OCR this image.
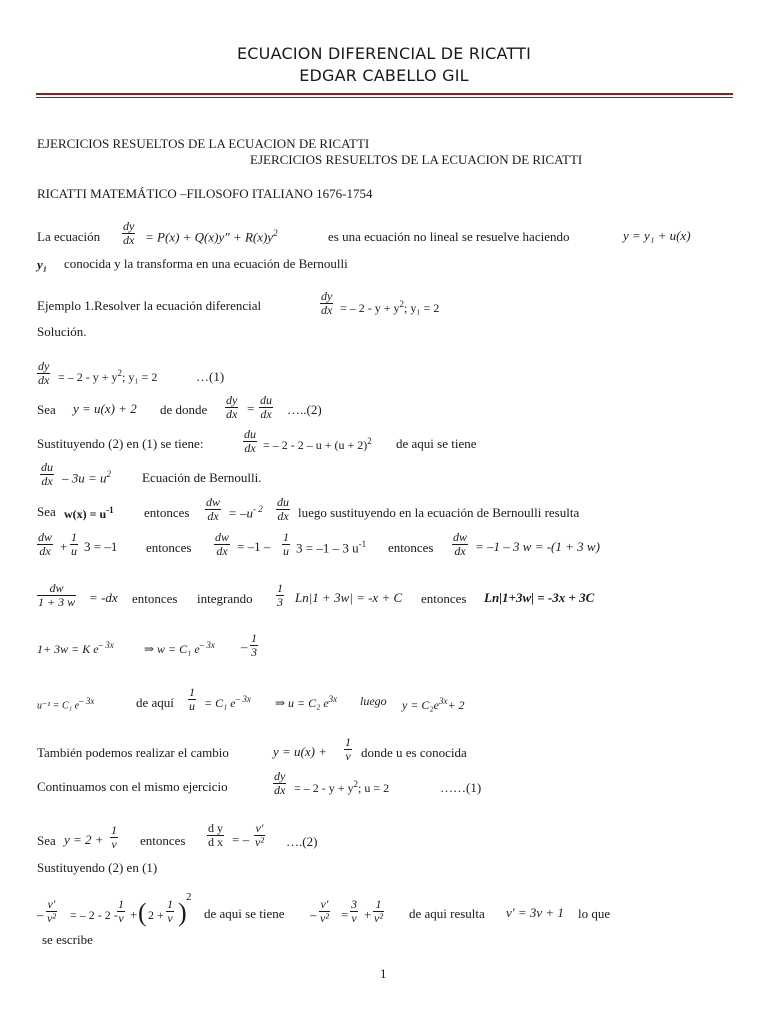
ECUACION DIFERENCIAL DE RICATTI
EDGAR CABELLO GIL
EJERCICIOS RESUELTOS DE LA ECUACION DE RICATTI
EJERCICIOS RESUELTOS DE LA ECUACION DE RICATTI
RICATTI MATEMÁTICO –FILOSOFO ITALIANO 1676-1754
La ecuación $\frac{dy}{dx} = P(x) + Q(x)y'' + R(x)y^2$	es una ecuación no lineal se resuelve haciendo	y = y₁ + u(x)
y₁ conocida y la transforma en una ecuación de Bernoulli
Ejemplo 1.Resolver la ecuación diferencial	$\frac{dy}{dx}$ = – $2 - y + y^2$; y₁ = 2
Solución.
$\frac{dy}{dx}$ = – $2 - y + y^2$; y₁ = 2	…(1)
Sea y = u(x) + 2 de donde $\frac{dy}{dx} = \frac{du}{dx}$ …..(2)
Sustituyendo (2) en (1) se tiene:	$\frac{du}{dx}$ = – $2 - 2 - u + (u + 2)^2$ de aqui se tiene
$\frac{du}{dx} - 3u = u^2$ Ecuación de Bernoulli.
Sea $w(x) = u^{-1}$ entonces $\frac{dw}{dx} = -u^{- 2} \frac{du}{dx}$ luego sustituyendo en la ecuación de Bernoulli resulta
$\frac{dw}{dx} + \frac{1}{u} 3 = -1$ entonces $\frac{dw}{dx} = -1 - \frac{1}{u} 3 = -1 - 3$ $u^{-1}$ entonces $\frac{dw}{dx} = -1 - 3$ w = -(1 + 3 w)
$\frac{dw}{1 + 3 w} = -dx$ entonces integrando $\frac{1}{3} Ln|1 + 3w| = -x + C$ entonces Ln|1+3w| = -3x + 3C
1+ 3w = K $e^{- 3x}$	⇒ w = C₁ $e^{- 3x} - \frac{1}{3}$
u⁻¹ = C₁ $e^{- 3x}$	de aquí $\frac{1}{u} = C_1$ $e^{- 3x}$ ⇒ u = C₂ $e^{3x}$ luego $y = C_2e^{3x}+ 2$
También podemos realizar el cambio	$y = u(x) + \frac{1}{v}$ donde u es conocida
Continuamos con el mismo ejercicio	$\frac{dy}{dx}$ = – $2 - y + y^2$; u = 2	……(1)
Sea $y = 2 + \frac{1}{v}$ entonces $\frac{\text{d y}}{\text{d x}}$ = – $\frac{v'}{\text{v²}}$ ….(2)
Sustituyendo (2) en (1)
– $\frac{v'}{\text{v²}}$ = – $2 - 2 - \frac{1}{v}$ + ( $2 + \frac{1}{v}$ )
2
de aqui se tiene – $\frac{v'}{\text{v²}} = \frac{3}{v} + \frac{1}{\text{v²}}$ de aqui resulta v′ = 3v + 1 lo que
se escribe
1
